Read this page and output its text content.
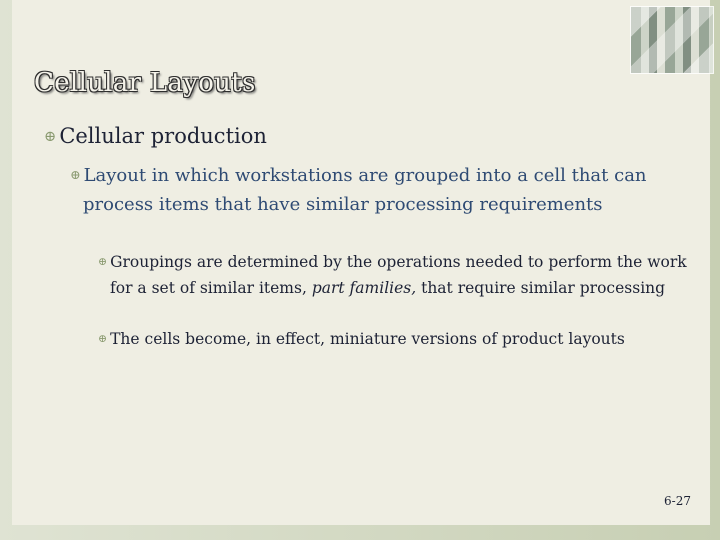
Cellular Layouts
⊕ Cellular production
⊕ Layout in which workstations are grouped into a cell that can process items that have similar processing requirements
⊕ Groupings are determined by the operations needed to perform the work for a set of similar items, part families, that require similar processing
⊕ The cells become, in effect, miniature versions of product layouts
6-27
